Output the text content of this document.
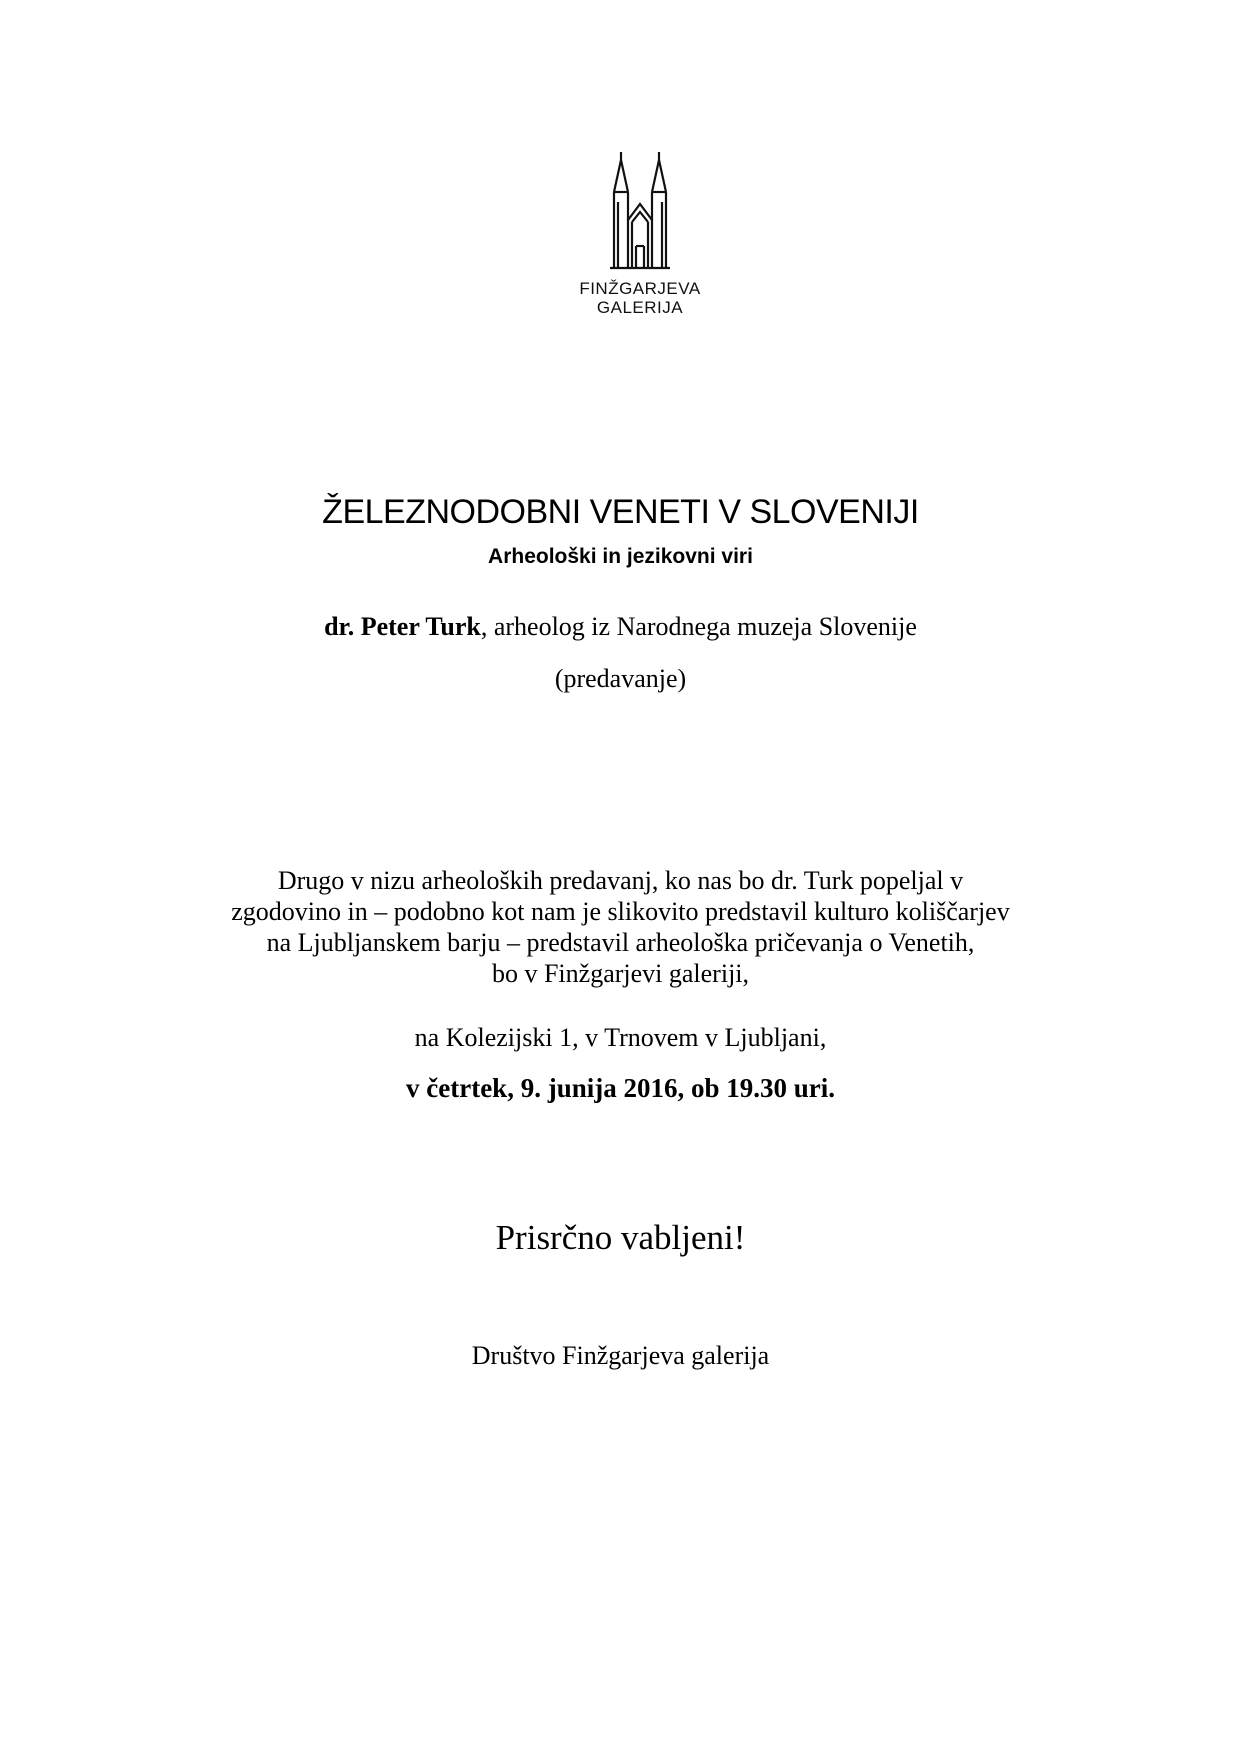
FINŽGARJEVA
GALERIJA
ŽELEZNODOBNI VENETI V SLOVENIJI
Arheološki in jezikovni viri
dr. Peter Turk, arheolog iz Narodnega muzeja Slovenije
(predavanje)
Drugo v nizu arheoloških predavanj, ko nas bo dr. Turk popeljal v
zgodovino in – podobno kot nam je slikovito predstavil kulturo koliščarjev
na Ljubljanskem barju – predstavil arheološka pričevanja o Venetih,
bo v Finžgarjevi galeriji,
na Kolezijski 1, v Trnovem v Ljubljani,
v četrtek, 9. junija 2016, ob 19.30 uri.
Prisrčno vabljeni!
Društvo Finžgarjeva galerija
